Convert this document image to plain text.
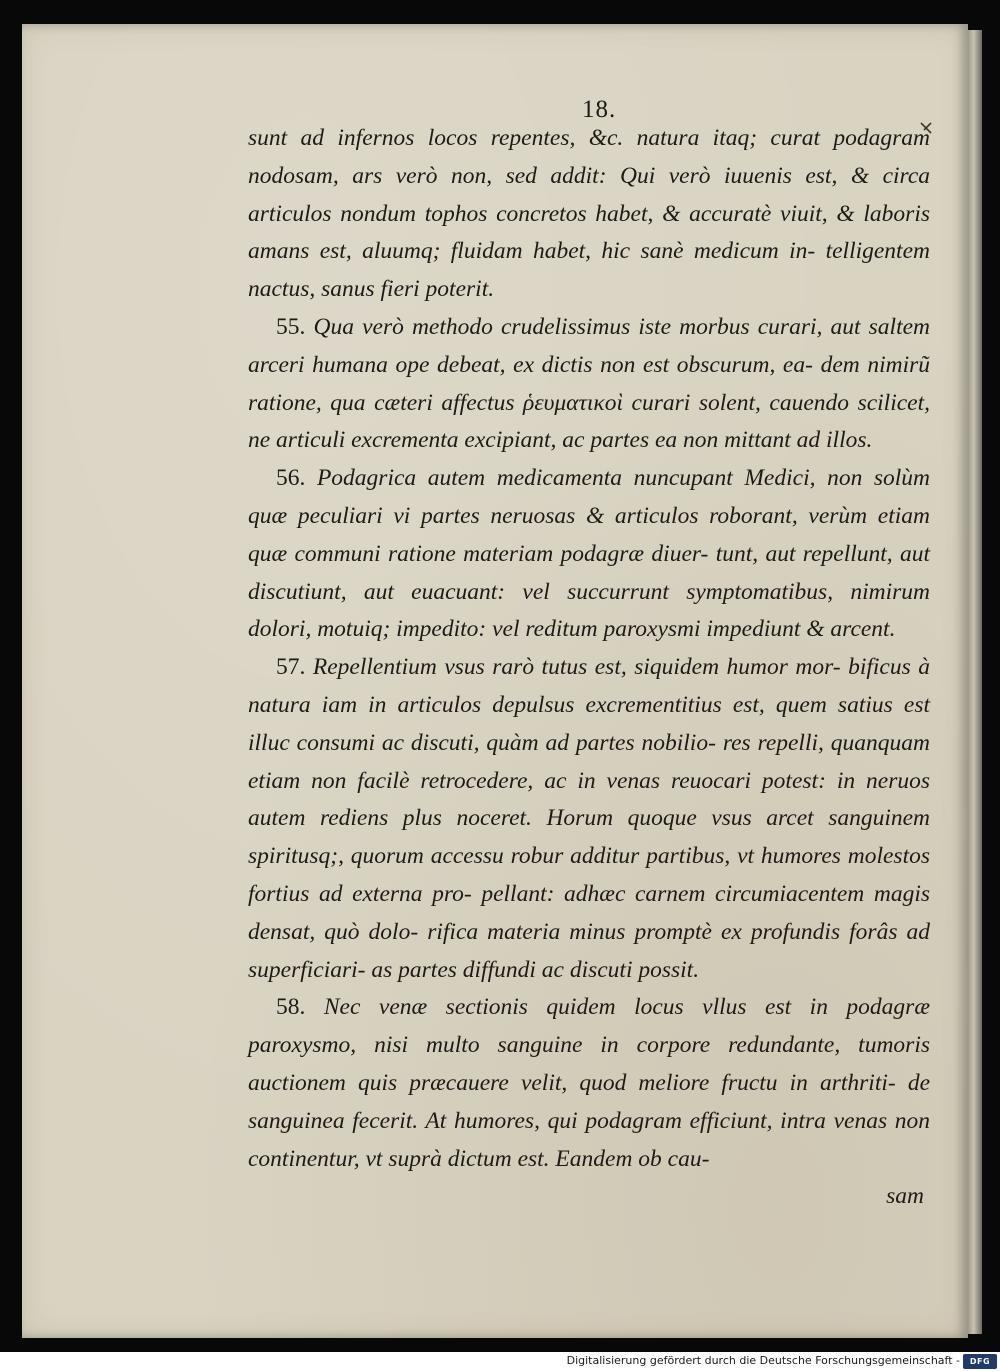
18.

sunt ad infernos locos repentes, &c. natura itaq; curat podagram nodosam, ars verò non, sed addit: Qui verò iuuenis est, & circa articulos nondum tophos concretos habet, & accuratè viuit, & laboris amans est, aluumq; fluidam habet, hic sanè medicum in- telligentem nactus, sanus fieri poterit.

55. Qua verò methodo crudelissimus iste morbus curari, aut saltem arceri humana ope debeat, ex dictis non est obscurum, ea- dem nimirũ ratione, qua cæteri affectus ῥευματικοὶ curari solent, cauendo scilicet, ne articuli excrementa excipiant, ac partes ea non mittant ad illos.

56. Podagrica autem medicamenta nuncupant Medici, non solùm quæ peculiari vi partes neruosas & articulos roborant, verùm etiam quæ communi ratione materiam podagræ diuer- tunt, aut repellunt, aut discutiunt, aut euacuant: vel succurrunt symptomatibus, nimirum dolori, motuiq; impedito: vel reditum paroxysmi impediunt & arcent.

57. Repellentium vsus rarò tutus est, siquidem humor mor- bificus à natura iam in articulos depulsus excrementitius est, quem satius est illuc consumi ac discuti, quàm ad partes nobilio- res repelli, quanquam etiam non facilè retrocedere, ac in venas reuocari potest: in neruos autem rediens plus noceret. Horum quoque vsus arcet sanguinem spiritusq;, quorum accessu robur additur partibus, vt humores molestos fortius ad externa pro- pellant: adhæc carnem circumiacentem magis densat, quò dolo- rifica materia minus promptè ex profundis forâs ad superficiari- as partes diffundi ac discuti possit.

58. Nec venæ sectionis quidem locus vllus est in podagræ paroxysmo, nisi multo sanguine in corpore redundante, tumoris auctionem quis præcauere velit, quod meliore fructu in arthriti- de sanguinea fecerit. At humores, qui podagram efficiunt, intra venas non continentur, vt suprà dictum est. Eandem ob cau-

sam
Digitalisierung gefördert durch die Deutsche Forschungsgemeinschaft - DFG
